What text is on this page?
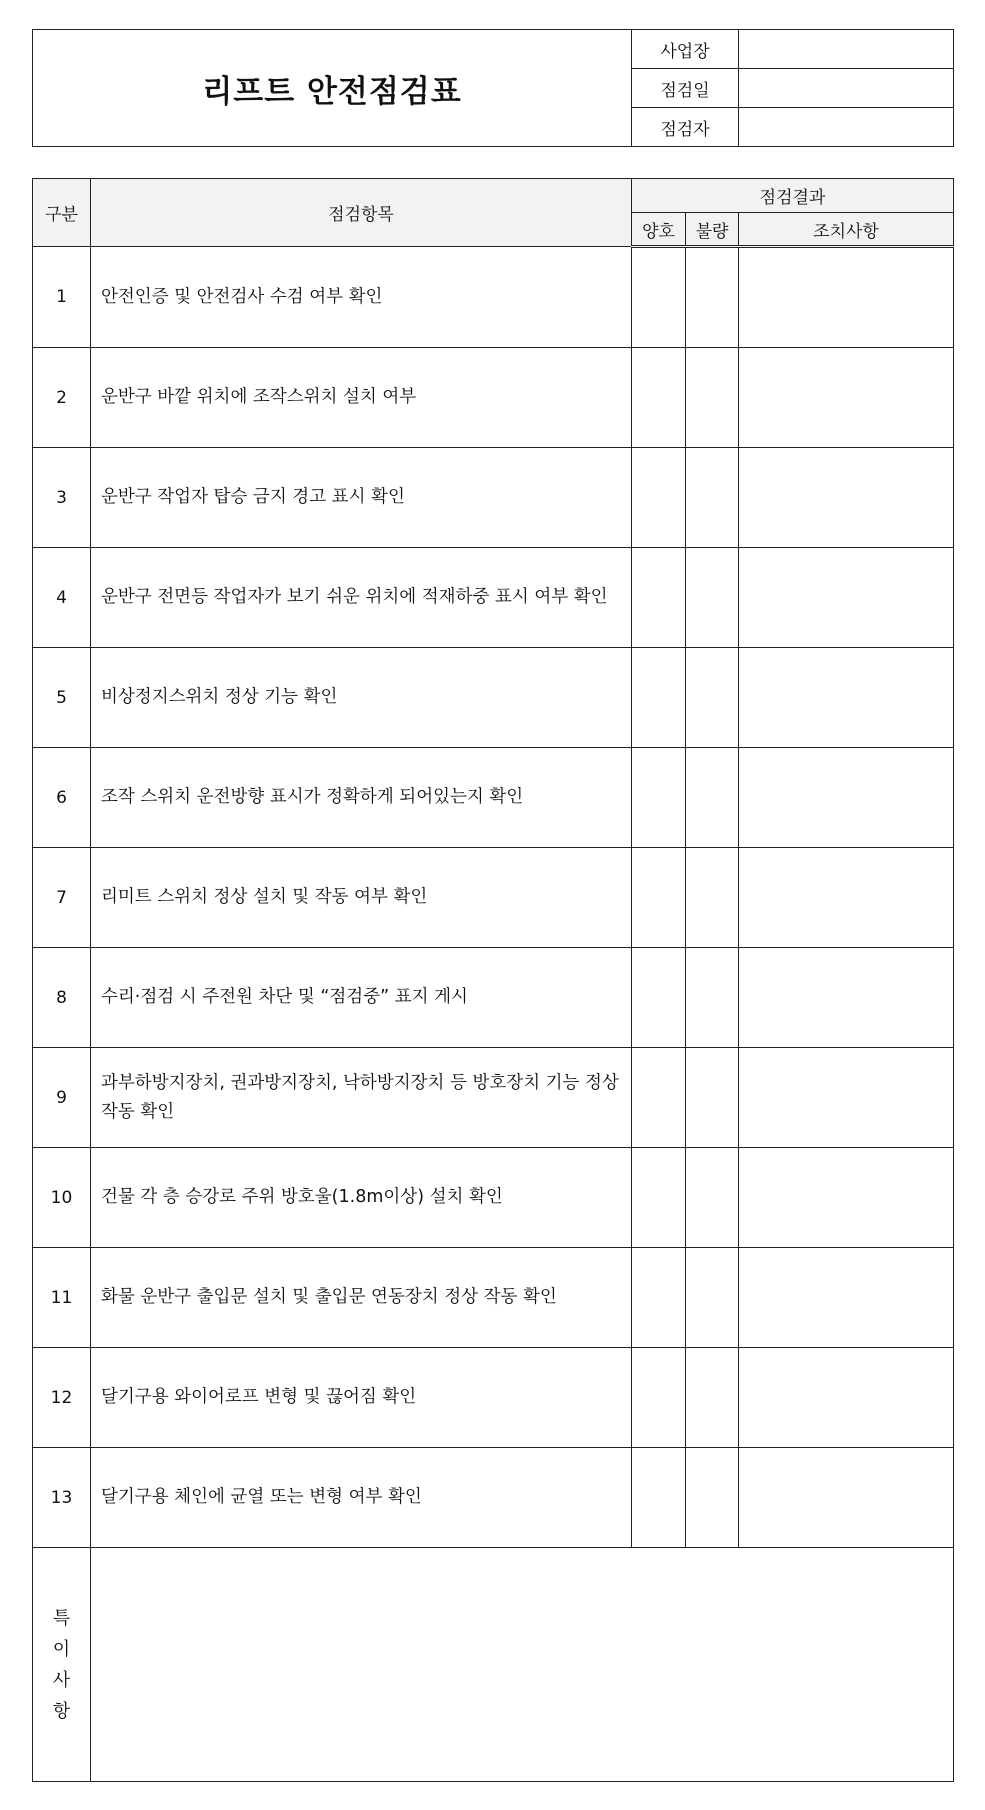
리프트 안전점검표	사업장	
	점검일	
	점검자	
구분	점검항목	점검결과		
		양호	불량	조치사항
1	안전인증 및 안전검사 수검 여부 확인			
2	운반구 바깥 위치에 조작스위치 설치 여부			
3	운반구 작업자 탑승 금지 경고 표시 확인			
4	운반구 전면등 작업자가 보기 쉬운 위치에 적재하중 표시 여부 확인			
5	비상정지스위치 정상 기능 확인			
6	조작 스위치 운전방향 표시가 정확하게 되어있는지 확인			
7	리미트 스위치 정상 설치 및 작동 여부 확인			
8	수리·점검 시 주전원 차단 및 “점검중” 표지 게시			
9	과부하방지장치, 권과방지장치, 낙하방지장치 등 방호장치 기능 정상작동 확인			
10	건물 각 층 승강로 주위 방호울(1.8m이상) 설치 확인			
11	화물 운반구 출입문 설치 및 출입문 연동장치 정상 작동 확인			
12	달기구용 와이어로프 변형 및 끊어짐 확인			
13	달기구용 체인에 균열 또는 변형 여부 확인			

특
이
사
항				
